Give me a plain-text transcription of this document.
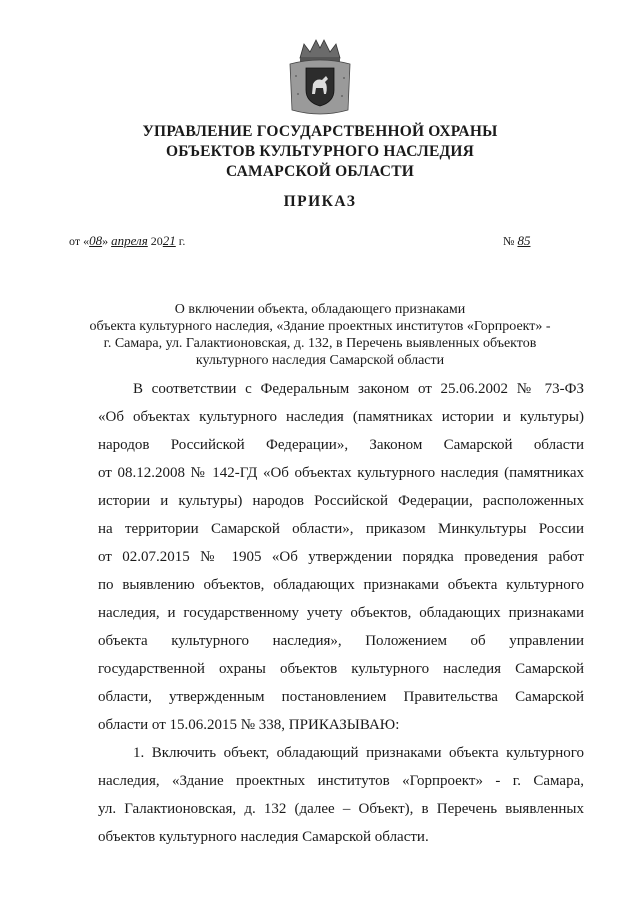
УПРАВЛЕНИЕ ГОСУДАРСТВЕННОЙ ОХРАНЫ
ОБЪЕКТОВ КУЛЬТУРНОГО НАСЛЕДИЯ
САМАРСКОЙ ОБЛАСТИ
ПРИКАЗ
от «08» апреля 2021 г.	№ 85
О включении объекта, обладающего признаками
объекта культурного наследия, «Здание проектных институтов «Горпроект» -
г. Самара, ул. Галактионовская, д. 132, в Перечень выявленных объектов
культурного наследия Самарской области
В соответствии с Федеральным законом от 25.06.2002 № 73-ФЗ
«Об объектах культурного наследия (памятниках истории и культуры)
народов Российской Федерации», Законом Самарской области
от 08.12.2008 № 142-ГД «Об объектах культурного наследия (памятниках
истории и культуры) народов Российской Федерации, расположенных
на территории Самарской области», приказом Минкультуры России
от 02.07.2015 № 1905 «Об утверждении порядка проведения работ
по выявлению объектов, обладающих признаками объекта культурного
наследия, и государственному учету объектов, обладающих признаками
объекта культурного наследия», Положением об управлении
государственной охраны объектов культурного наследия Самарской
области, утвержденным постановлением Правительства Самарской
области от 15.06.2015 № 338, ПРИКАЗЫВАЮ:
1. Включить объект, обладающий признаками объекта культурного
наследия, «Здание проектных институтов «Горпроект» - г. Самара,
ул. Галактионовская, д. 132 (далее – Объект), в Перечень выявленных
объектов культурного наследия Самарской области.
